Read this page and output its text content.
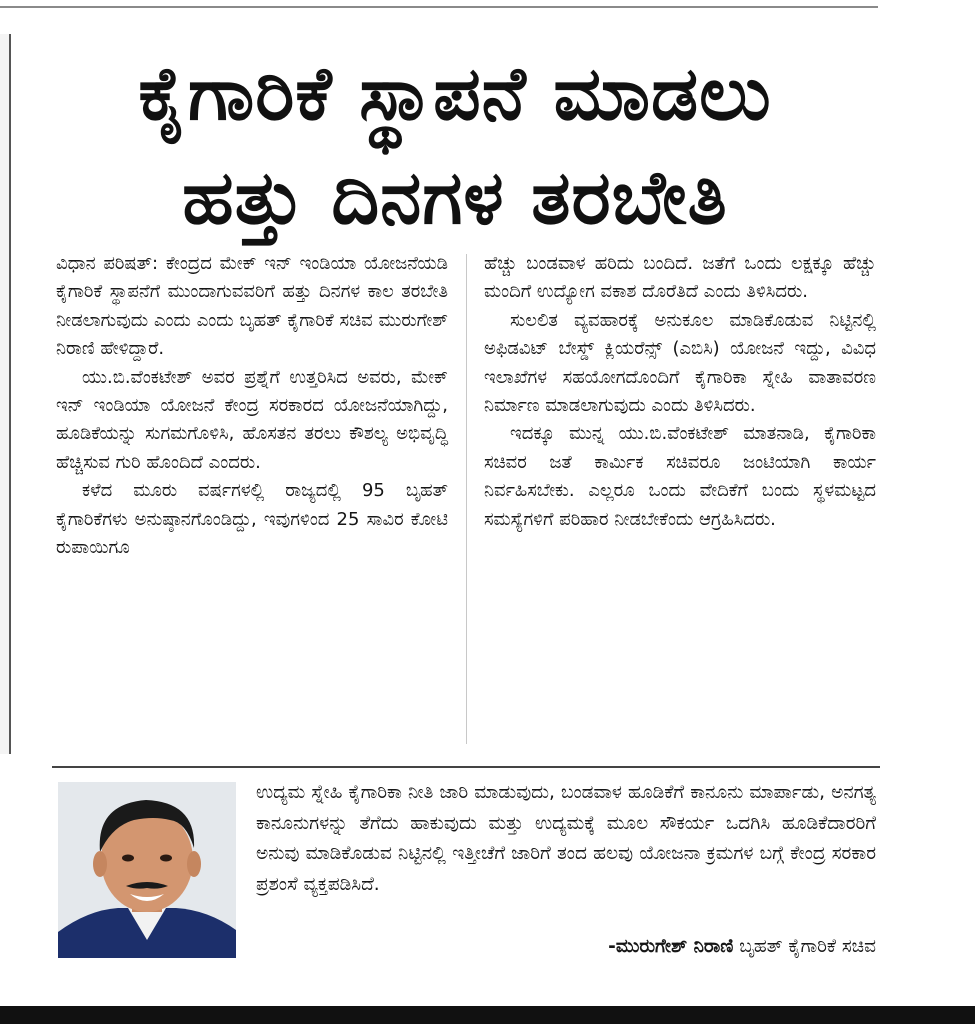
ಕೈಗಾರಿಕೆ ಸ್ಥಾಪನೆ ಮಾಡಲು
ಹತ್ತು ದಿನಗಳ ತರಬೇತಿ

ವಿಧಾನ ಪರಿಷತ್: ಕೇಂದ್ರದ ಮೇಕ್ ಇನ್ ಇಂಡಿಯಾ ಯೋಜನೆಯಡಿ ಕೈಗಾರಿಕೆ ಸ್ಥಾಪನೆಗೆ ಮುಂದಾಗುವವರಿಗೆ ಹತ್ತು ದಿನಗಳ ಕಾಲ ತರಬೇತಿ ನೀಡಲಾಗುವುದು ಎಂದು ಎಂದು ಬೃಹತ್ ಕೈಗಾರಿಕೆ ಸಚಿವ ಮುರುಗೇಶ್ ನಿರಾಣಿ ಹೇಳಿದ್ದಾರೆ.

ಯು.ಬಿ.ವೆಂಕಟೇಶ್ ಅವರ ಪ್ರಶ್ನೆಗೆ ಉತ್ತರಿಸಿದ ಅವರು, ಮೇಕ್ ಇನ್ ಇಂಡಿಯಾ ಯೋಜನೆ ಕೇಂದ್ರ ಸರಕಾರದ ಯೋಜನೆಯಾಗಿದ್ದು, ಹೂಡಿಕೆಯನ್ನು ಸುಗಮಗೊಳಿಸಿ, ಹೊಸತನ ತರಲು ಕೌಶಲ್ಯ ಅಭಿವೃದ್ಧಿ ಹೆಚ್ಚಿಸುವ ಗುರಿ ಹೊಂದಿದೆ ಎಂದರು.

ಕಳೆದ ಮೂರು ವರ್ಷಗಳಲ್ಲಿ ರಾಜ್ಯದಲ್ಲಿ 95 ಬೃಹತ್ ಕೈಗಾರಿಕೆಗಳು ಅನುಷ್ಠಾನಗೊಂಡಿದ್ದು, ಇವುಗಳಿಂದ 25 ಸಾವಿರ ಕೋಟಿ ರುಪಾಯಿಗೂ

ಹೆಚ್ಚು ಬಂಡವಾಳ ಹರಿದು ಬಂದಿದೆ. ಜತೆಗೆ ಒಂದು ಲಕ್ಷಕ್ಕೂ ಹೆಚ್ಚು ಮಂದಿಗೆ ಉದ್ಯೋಗ ವಕಾಶ ದೊರೆತಿದೆ ಎಂದು ತಿಳಿಸಿದರು.

ಸುಲಲಿತ ವ್ಯವಹಾರಕ್ಕೆ ಅನುಕೂಲ ಮಾಡಿಕೊಡುವ ನಿಟ್ಟಿನಲ್ಲಿ ಅಫಿಡವಿಟ್ ಬೇಸ್ಡ್ ಕ್ಲಿಯರೆನ್ಸ್ (ಎಬಿಸಿ) ಯೋಜನೆ ಇದ್ದು, ವಿವಿಧ ಇಲಾಖೆಗಳ ಸಹಯೋಗದೊಂದಿಗೆ ಕೈಗಾರಿಕಾ ಸ್ನೇಹಿ ವಾತಾವರಣ ನಿರ್ಮಾಣ ಮಾಡಲಾಗುವುದು ಎಂದು ತಿಳಿಸಿದರು.

ಇದಕ್ಕೂ ಮುನ್ನ ಯು.ಬಿ.ವೆಂಕಟೇಶ್ ಮಾತನಾಡಿ, ಕೈಗಾರಿಕಾ ಸಚಿವರ ಜತೆ ಕಾರ್ಮಿಕ ಸಚಿವರೂ ಜಂಟಿಯಾಗಿ ಕಾರ್ಯ ನಿರ್ವಹಿಸಬೇಕು. ಎಲ್ಲರೂ ಒಂದು ವೇದಿಕೆಗೆ ಬಂದು ಸ್ಥಳಮಟ್ಟದ ಸಮಸ್ಯೆಗಳಿಗೆ ಪರಿಹಾರ ನೀಡಬೇಕೆಂದು ಆಗ್ರಹಿಸಿದರು.

ಉದ್ಯಮ ಸ್ನೇಹಿ ಕೈಗಾರಿಕಾ ನೀತಿ ಜಾರಿ ಮಾಡುವುದು, ಬಂಡವಾಳ ಹೂಡಿಕೆಗೆ ಕಾನೂನು ಮಾರ್ಪಾಡು, ಅನಗತ್ಯ ಕಾನೂನುಗಳನ್ನು ತೆಗೆದು ಹಾಕುವುದು ಮತ್ತು ಉದ್ಯಮಕ್ಕೆ ಮೂಲ ಸೌಕರ್ಯ ಒದಗಿಸಿ ಹೂಡಿಕೆದಾರರಿಗೆ ಅನುವು ಮಾಡಿಕೊಡುವ ನಿಟ್ಟಿನಲ್ಲಿ ಇತ್ತೀಚೆಗೆ ಜಾರಿಗೆ ತಂದ ಹಲವು ಯೋಜನಾ ಕ್ರಮಗಳ ಬಗ್ಗೆ ಕೇಂದ್ರ ಸರಕಾರ ಪ್ರಶಂಸೆ ವ್ಯಕ್ತಪಡಿಸಿದೆ.

-ಮುರುಗೇಶ್ ನಿರಾಣಿ ಬೃಹತ್ ಕೈಗಾರಿಕೆ ಸಚಿವ
